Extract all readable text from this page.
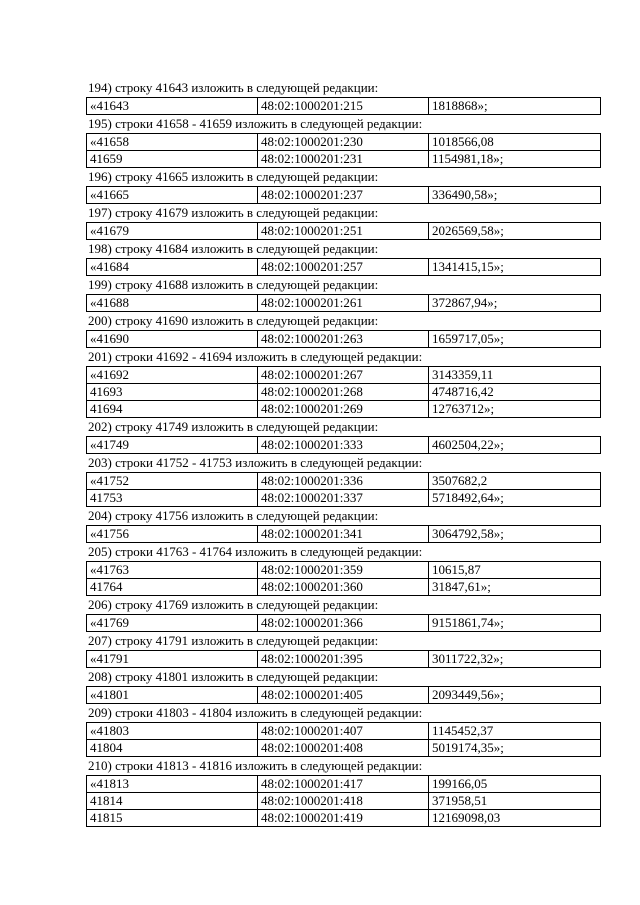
194) строку 41643 изложить в следующей редакции:
«41643	48:02:1000201:215	1818868»;
195) строки 41658 - 41659 изложить в следующей редакции:
«41658	48:02:1000201:230	1018566,08
41659	48:02:1000201:231	1154981,18»;
196) строку 41665 изложить в следующей редакции:
«41665	48:02:1000201:237	336490,58»;
197) строку 41679 изложить в следующей редакции:
«41679	48:02:1000201:251	2026569,58»;
198) строку 41684 изложить в следующей редакции:
«41684	48:02:1000201:257	1341415,15»;
199) строку 41688 изложить в следующей редакции:
«41688	48:02:1000201:261	372867,94»;
200) строку 41690 изложить в следующей редакции:
«41690	48:02:1000201:263	1659717,05»;
201) строки 41692 - 41694 изложить в следующей редакции:
«41692	48:02:1000201:267	3143359,11
41693	48:02:1000201:268	4748716,42
41694	48:02:1000201:269	12763712»;
202) строку 41749 изложить в следующей редакции:
«41749	48:02:1000201:333	4602504,22»;
203) строки 41752 - 41753 изложить в следующей редакции:
«41752	48:02:1000201:336	3507682,2
41753	48:02:1000201:337	5718492,64»;
204) строку 41756 изложить в следующей редакции:
«41756	48:02:1000201:341	3064792,58»;
205) строки 41763 - 41764 изложить в следующей редакции:
«41763	48:02:1000201:359	10615,87
41764	48:02:1000201:360	31847,61»;
206) строку 41769 изложить в следующей редакции:
«41769	48:02:1000201:366	9151861,74»;
207) строку 41791 изложить в следующей редакции:
«41791	48:02:1000201:395	3011722,32»;
208) строку 41801 изложить в следующей редакции:
«41801	48:02:1000201:405	2093449,56»;
209) строки 41803 - 41804 изложить в следующей редакции:
«41803	48:02:1000201:407	1145452,37
41804	48:02:1000201:408	5019174,35»;
210) строки 41813 - 41816 изложить в следующей редакции:
«41813	48:02:1000201:417	199166,05
41814	48:02:1000201:418	371958,51
41815	48:02:1000201:419	12169098,03
